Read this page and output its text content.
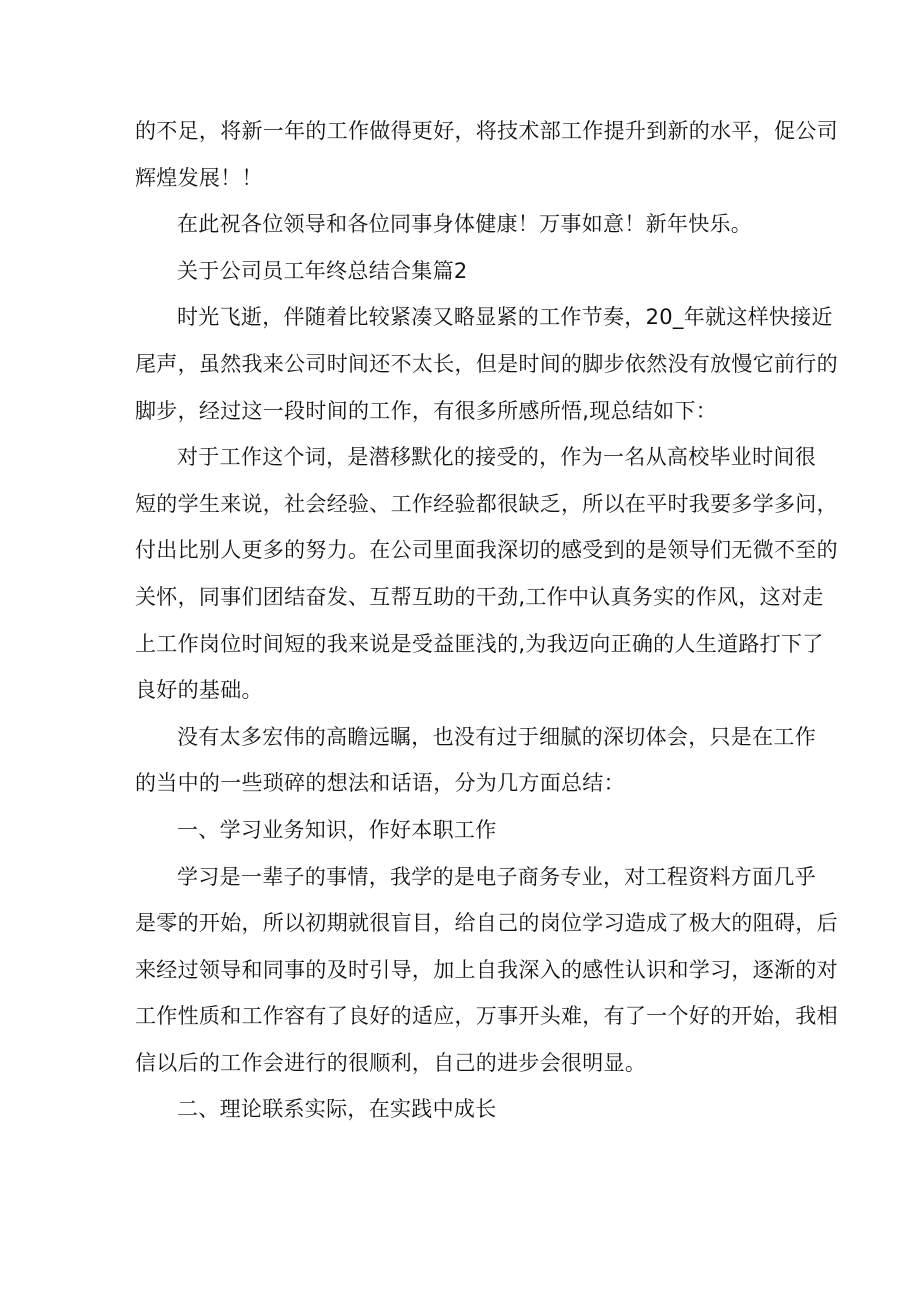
的不足，将新一年的工作做得更好，将技术部工作提升到新的水平，促公司
辉煌发展！！
在此祝各位领导和各位同事身体健康！万事如意！新年快乐。
关于公司员工年终总结合集篇2
时光飞逝，伴随着比较紧凑又略显紧的工作节奏，20_年就这样快接近
尾声，虽然我来公司时间还不太长，但是时间的脚步依然没有放慢它前行的
脚步，经过这一段时间的工作，有很多所感所悟,现总结如下：
对于工作这个词，是潜移默化的接受的，作为一名从高校毕业时间很
短的学生来说，社会经验、工作经验都很缺乏，所以在平时我要多学多问，
付出比别人更多的努力。在公司里面我深切的感受到的是领导们无微不至的
关怀，同事们团结奋发、互帮互助的干劲,工作中认真务实的作风，这对走
上工作岗位时间短的我来说是受益匪浅的,为我迈向正确的人生道路打下了
良好的基础。
没有太多宏伟的高瞻远瞩，也没有过于细腻的深切体会，只是在工作
的当中的一些琐碎的想法和话语，分为几方面总结：
一、学习业务知识，作好本职工作
学习是一辈子的事情，我学的是电子商务专业，对工程资料方面几乎
是零的开始，所以初期就很盲目，给自己的岗位学习造成了极大的阻碍，后
来经过领导和同事的及时引导，加上自我深入的感性认识和学习，逐渐的对
工作性质和工作容有了良好的适应，万事开头难，有了一个好的开始，我相
信以后的工作会进行的很顺利，自己的进步会很明显。
二、理论联系实际，在实践中成长
